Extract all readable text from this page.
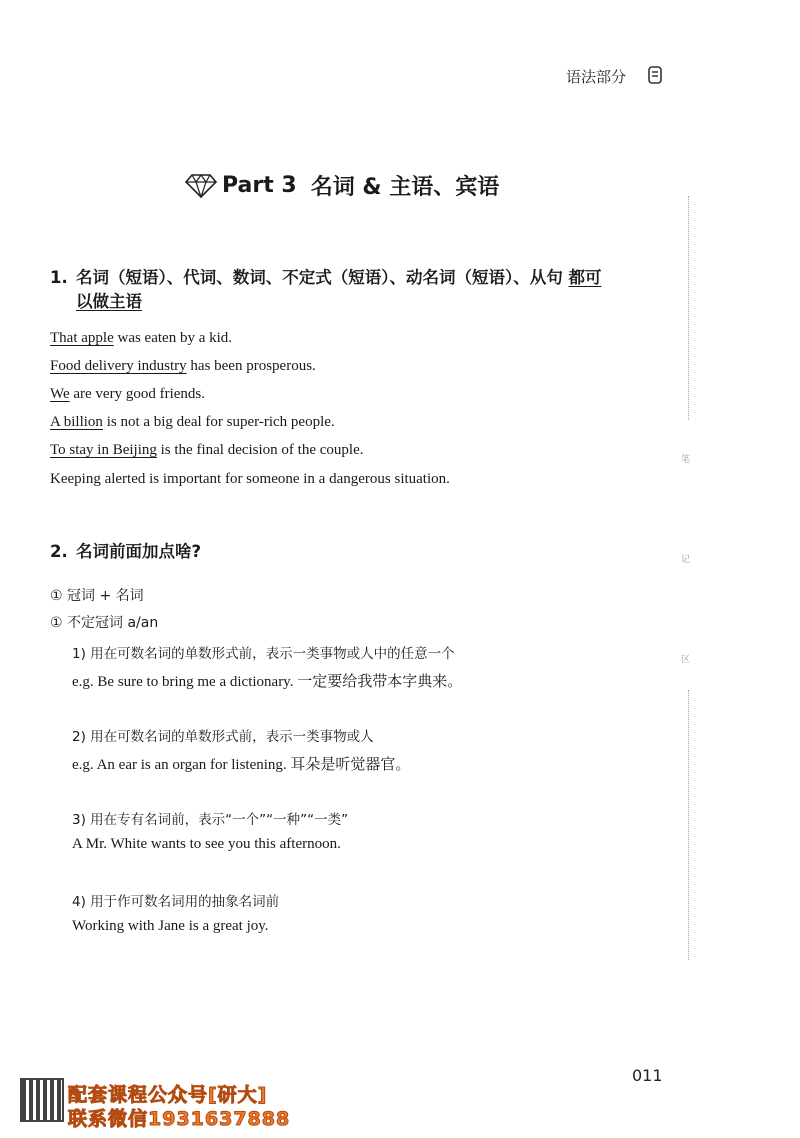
语法部分
Part 3 名词 & 主语、宾语
1. 名词（短语）、代词、数词、不定式（短语）、动名词（短语）、从句 都可
以做主语
That apple was eaten by a kid.
Food delivery industry has been prosperous.
We are very good friends.
A billion is not a big deal for super-rich people.
To stay in Beijing is the final decision of the couple.
Keeping alerted is important for someone in a dangerous situation.
2. 名词前面加点啥?
① 冠词 + 名词
① 不定冠词 a/an
1) 用在可数名词的单数形式前，表示一类事物或人中的任意一个
e.g. Be sure to bring me a dictionary. 一定要给我带本字典来。
2) 用在可数名词的单数形式前，表示一类事物或人
e.g. An ear is an organ for listening. 耳朵是听觉器官。
3) 用在专有名词前，表示“一个”“一种”“一类”
A Mr. White wants to see you this afternoon.
4) 用于作可数名词用的抽象名词前
Working with Jane is a great joy.
笔
记
区
011
配套课程公众号[研大]
联系微信1931637888
